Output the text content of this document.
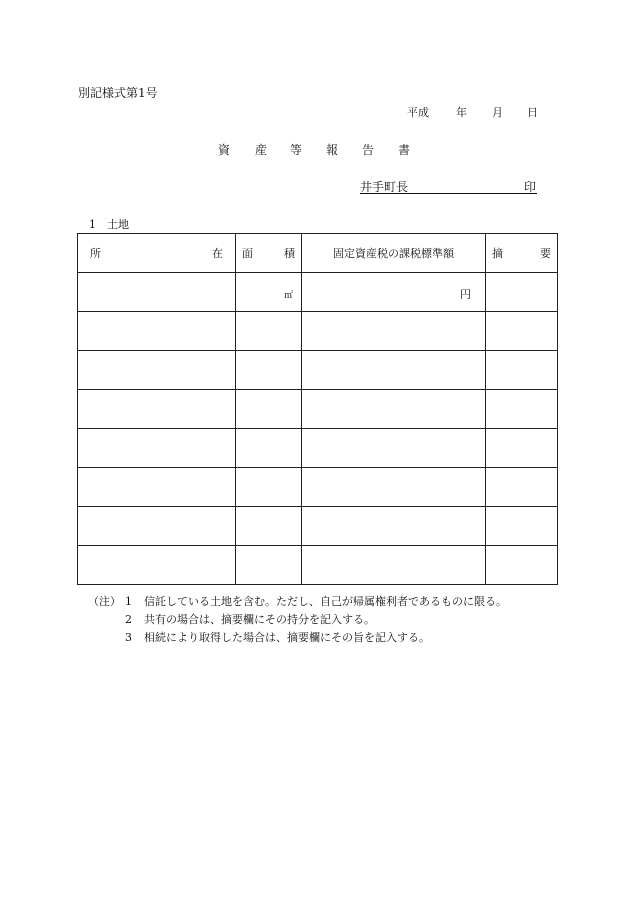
別記様式第1号
平成 年 月 日
資 産 等 報 告 書
井手町長	印
1　土地
所 在	面 積	固定資産税の課税標準額	摘 要

	㎡	円	

（注） 1 信託している土地を含む。ただし、自己が帰属権利者であるものに限る。
2 共有の場合は、摘要欄にその持分を記入する。
3 相続により取得した場合は、摘要欄にその旨を記入する。
